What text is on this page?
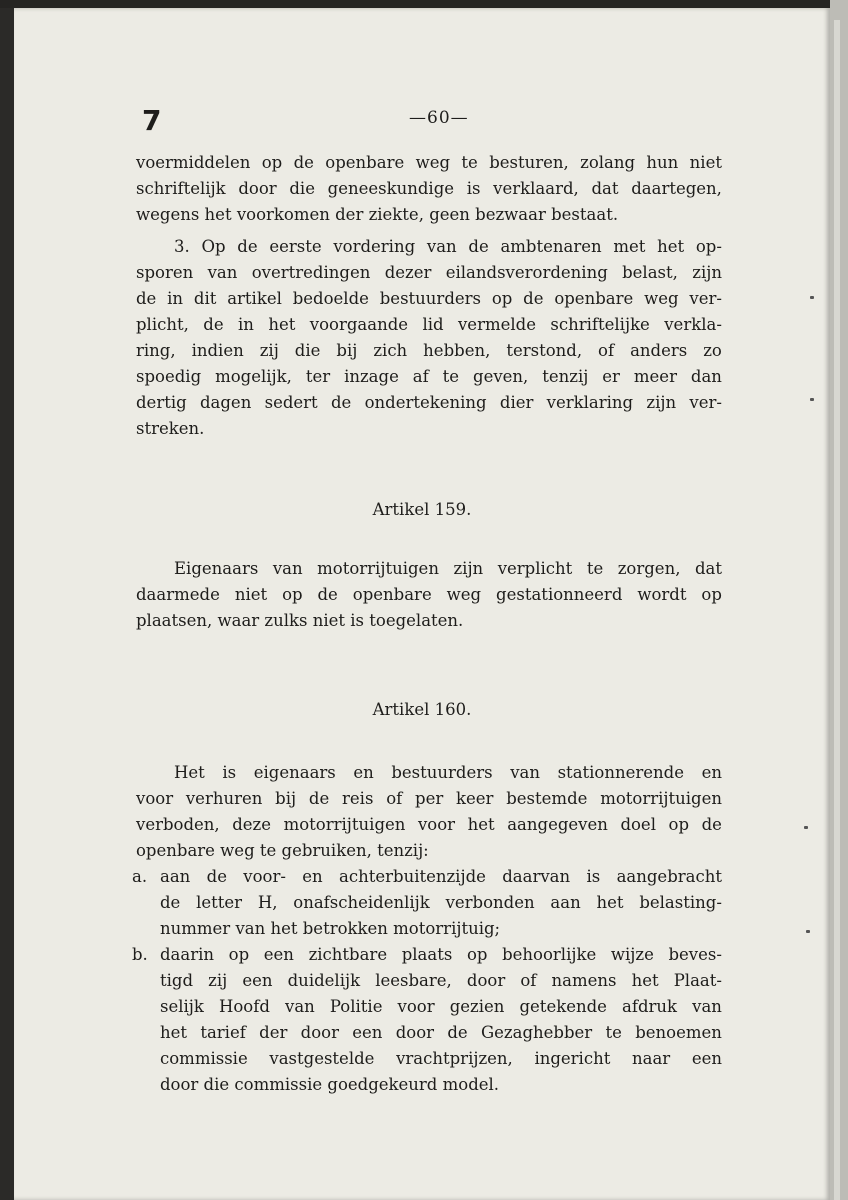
7	—60—
voermiddelen op de openbare weg te besturen, zolang hun niet
schriftelijk door die geneeskundige is verklaard, dat daartegen,
wegens het voorkomen der ziekte, geen bezwaar bestaat.
3. Op de eerste vordering van de ambtenaren met het op-
sporen van overtredingen dezer eilandsverordening belast, zijn
de in dit artikel bedoelde bestuurders op de openbare weg ver-
plicht, de in het voorgaande lid vermelde schriftelijke verkla-
ring, indien zij die bij zich hebben, terstond, of anders zo
spoedig mogelijk, ter inzage af te geven, tenzij er meer dan
dertig dagen sedert de ondertekening dier verklaring zijn ver-
streken.
Artikel 159.
Eigenaars van motorrijtuigen zijn verplicht te zorgen, dat
daarmede niet op de openbare weg gestationneerd wordt op
plaatsen, waar zulks niet is toegelaten.
Artikel 160.
Het is eigenaars en bestuurders van stationnerende en
voor verhuren bij de reis of per keer bestemde motorrijtuigen
verboden, deze motorrijtuigen voor het aangegeven doel op de
openbare weg te gebruiken, tenzij:
a. aan de voor- en achterbuitenzijde daarvan is aangebracht
de letter H, onafscheidenlijk verbonden aan het belasting-
nummer van het betrokken motorrijtuig;
b. daarin op een zichtbare plaats op behoorlijke wijze beves-
tigd zij een duidelijk leesbare, door of namens het Plaat-
selijk Hoofd van Politie voor gezien getekende afdruk van
het tarief der door een door de Gezaghebber te benoemen
commissie vastgestelde vrachtprijzen, ingericht naar een
door die commissie goedgekeurd model.
